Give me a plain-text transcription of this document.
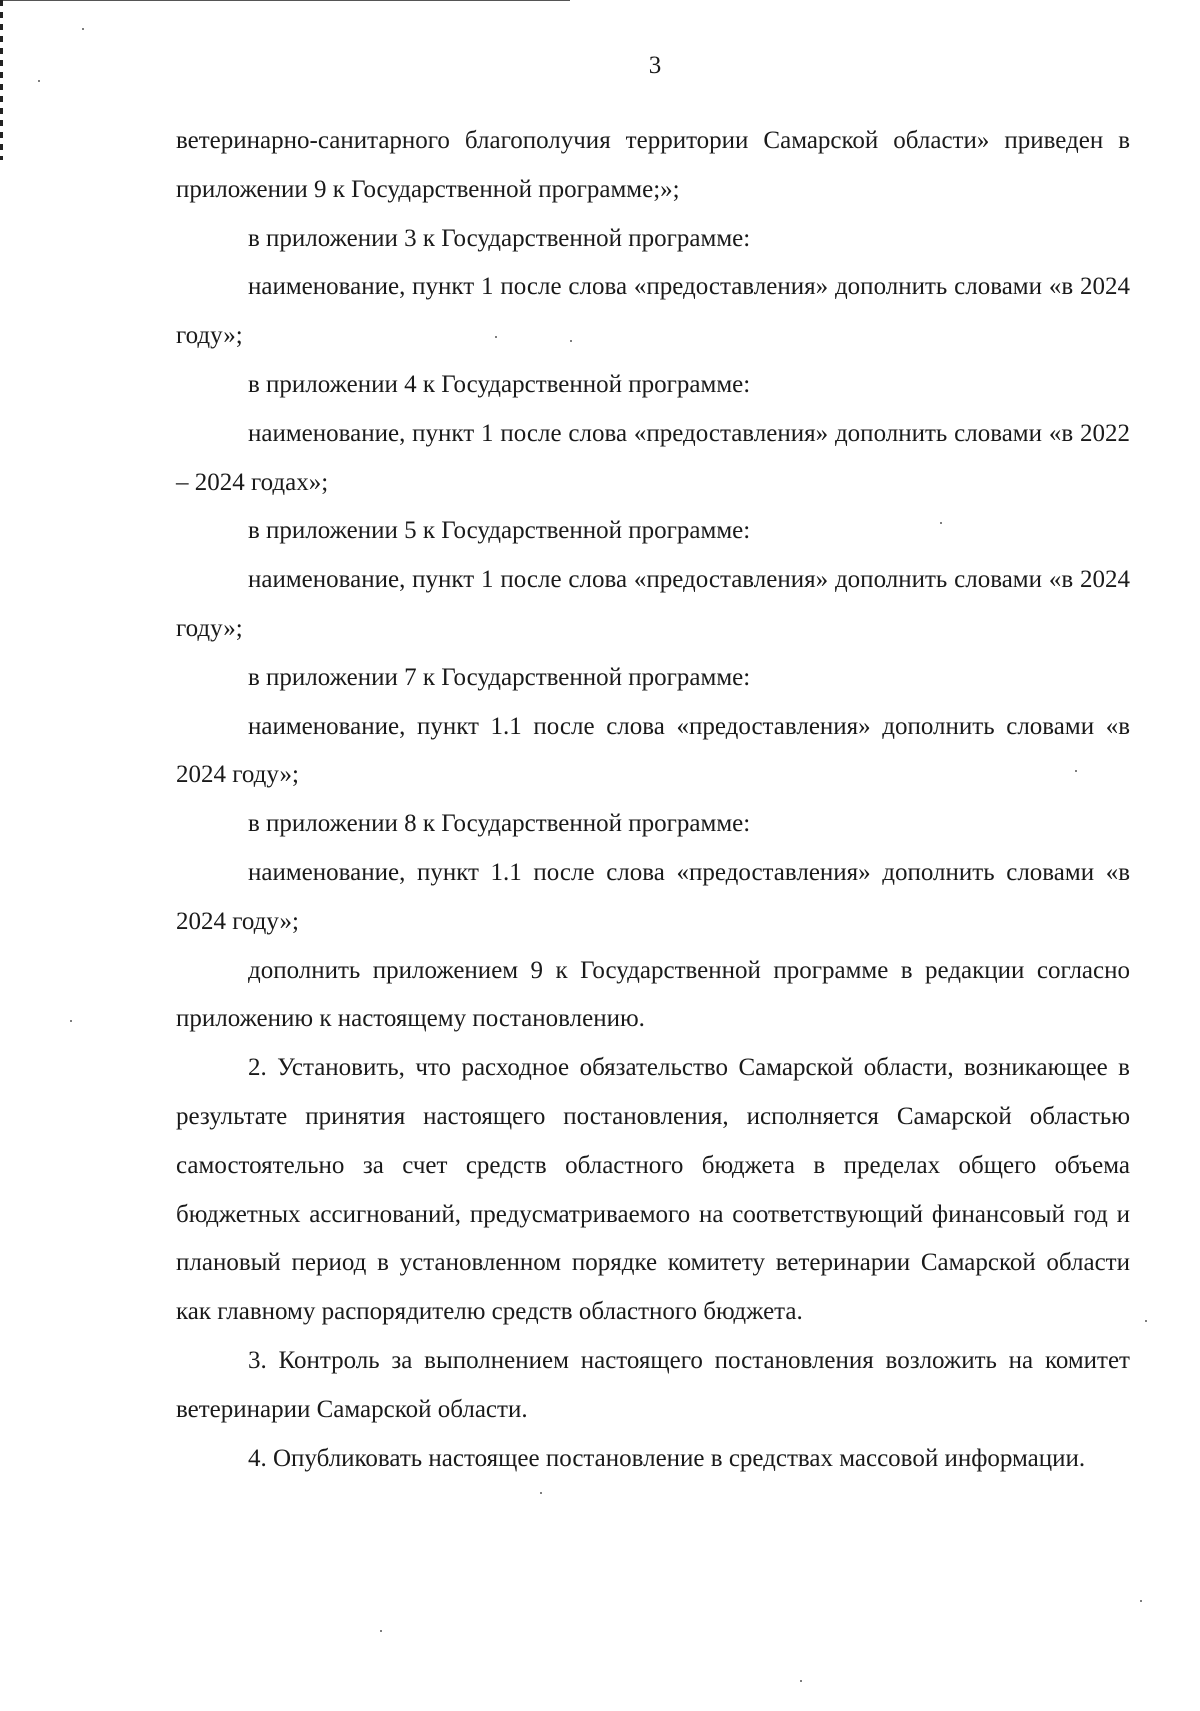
3

ветеринарно-санитарного благополучия территории Самарской области» приведен в приложении 9 к Государственной программе;»;

в приложении 3 к Государственной программе:

наименование, пункт 1 после слова «предоставления» дополнить словами «в 2024 году»;

в приложении 4 к Государственной программе:

наименование, пункт 1 после слова «предоставления» дополнить словами «в 2022 – 2024 годах»;

в приложении 5 к Государственной программе:

наименование, пункт 1 после слова «предоставления» дополнить словами «в 2024 году»;

в приложении 7 к Государственной программе:

наименование, пункт 1.1 после слова «предоставления» дополнить словами «в 2024 году»;

в приложении 8 к Государственной программе:

наименование, пункт 1.1 после слова «предоставления» дополнить словами «в 2024 году»;

дополнить приложением 9 к Государственной программе в редакции согласно приложению к настоящему постановлению.

2. Установить, что расходное обязательство Самарской области, возникающее в результате принятия настоящего постановления, исполняется Самарской областью самостоятельно за счет средств областного бюджета в пределах общего объема бюджетных ассигнований, предусматриваемого на соответствующий финансовый год и плановый период в установленном порядке комитету ветеринарии Самарской области как главному распорядителю средств областного бюджета.

3. Контроль за выполнением настоящего постановления возложить на комитет ветеринарии Самарской области.

4. Опубликовать настоящее постановление в средствах массовой информации.
